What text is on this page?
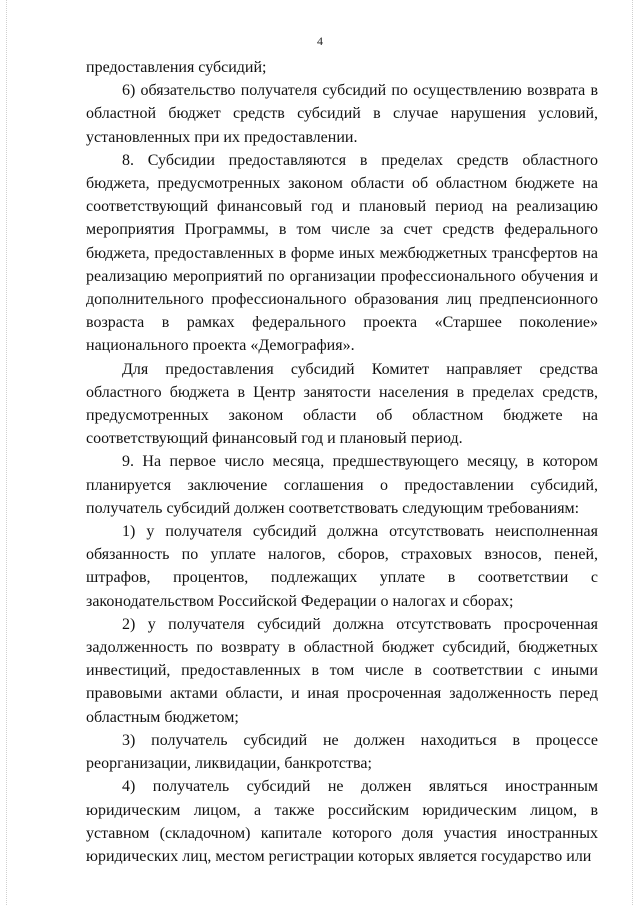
4

предоставления субсидий;

6) обязательство получателя субсидий по осуществлению возврата в областной бюджет средств субсидий в случае нарушения условий, установленных при их предоставлении.

8. Субсидии предоставляются в пределах средств областного бюджета, предусмотренных законом области об областном бюджете на соответствующий финансовый год и плановый период на реализацию мероприятия Программы, в том числе за счет средств федерального бюджета, предоставленных в форме иных межбюджетных трансфертов на реализацию мероприятий по организации профессионального обучения и дополнительного профессионального образования лиц предпенсионного возраста в рамках федерального проекта «Старшее поколение» национального проекта «Демография».

Для предоставления субсидий Комитет направляет средства областного бюджета в Центр занятости населения в пределах средств, предусмотренных законом области об областном бюджете на соответствующий финансовый год и плановый период.

9. На первое число месяца, предшествующего месяцу, в котором планируется заключение соглашения о предоставлении субсидий, получатель субсидий должен соответствовать следующим требованиям:

1) у получателя субсидий должна отсутствовать неисполненная обязанность по уплате налогов, сборов, страховых взносов, пеней, штрафов, процентов, подлежащих уплате в соответствии с законодательством Российской Федерации о налогах и сборах;

2) у получателя субсидий должна отсутствовать просроченная задолженность по возврату в областной бюджет субсидий, бюджетных инвестиций, предоставленных в том числе в соответствии с иными правовыми актами области, и иная просроченная задолженность перед областным бюджетом;

3) получатель субсидий не должен находиться в процессе реорганизации, ликвидации, банкротства;

4) получатель субсидий не должен являться иностранным юридическим лицом, а также российским юридическим лицом, в уставном (складочном) капитале которого доля участия иностранных юридических лиц, местом регистрации которых является государство или
